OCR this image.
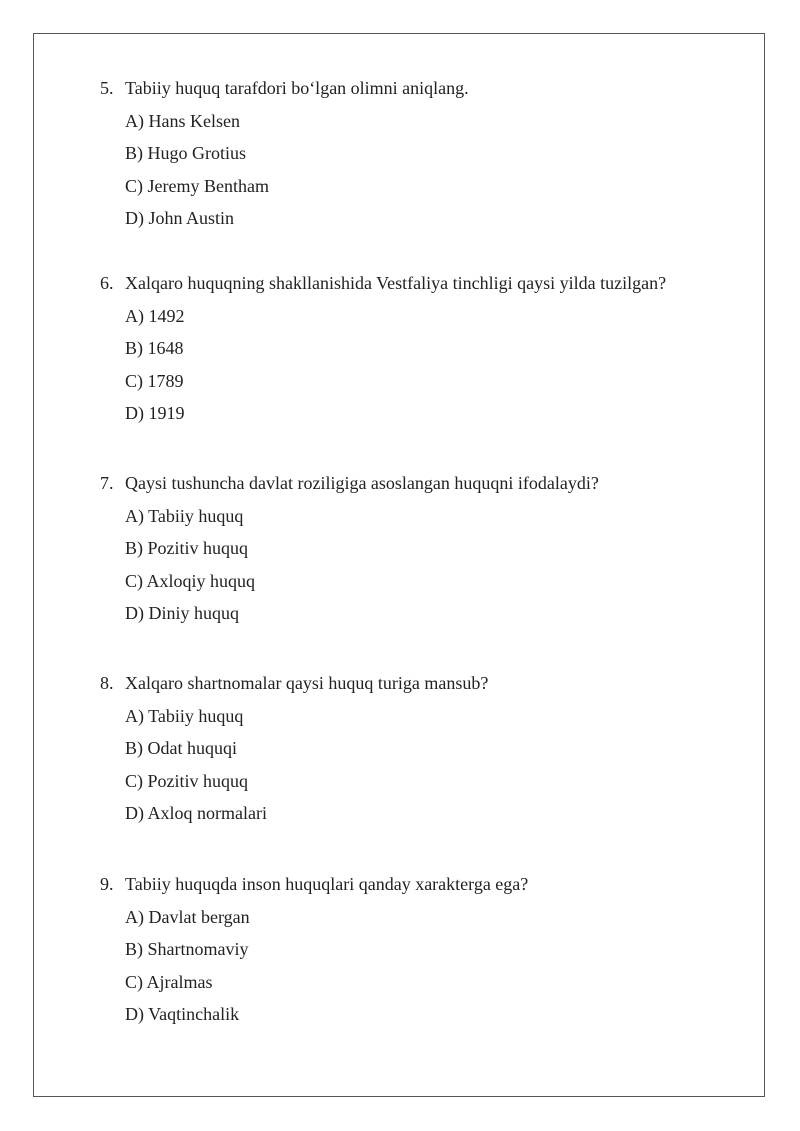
5. Tabiiy huquq tarafdori bo‘lgan olimni aniqlang.
A) Hans Kelsen
B) Hugo Grotius
C) Jeremy Bentham
D) John Austin
6. Xalqaro huquqning shakllanishida Vestfaliya tinchligi qaysi yilda tuzilgan?
A) 1492
B) 1648
C) 1789
D) 1919
7. Qaysi tushuncha davlat roziligiga asoslangan huquqni ifodalaydi?
A) Tabiiy huquq
B) Pozitiv huquq
C) Axloqiy huquq
D) Diniy huquq
8. Xalqaro shartnomalar qaysi huquq turiga mansub?
A) Tabiiy huquq
B) Odat huquqi
C) Pozitiv huquq
D) Axloq normalari
9. Tabiiy huquqda inson huquqlari qanday xarakterga ega?
A) Davlat bergan
B) Shartnomaviy
C) Ajralmas
D) Vaqtinchalik
